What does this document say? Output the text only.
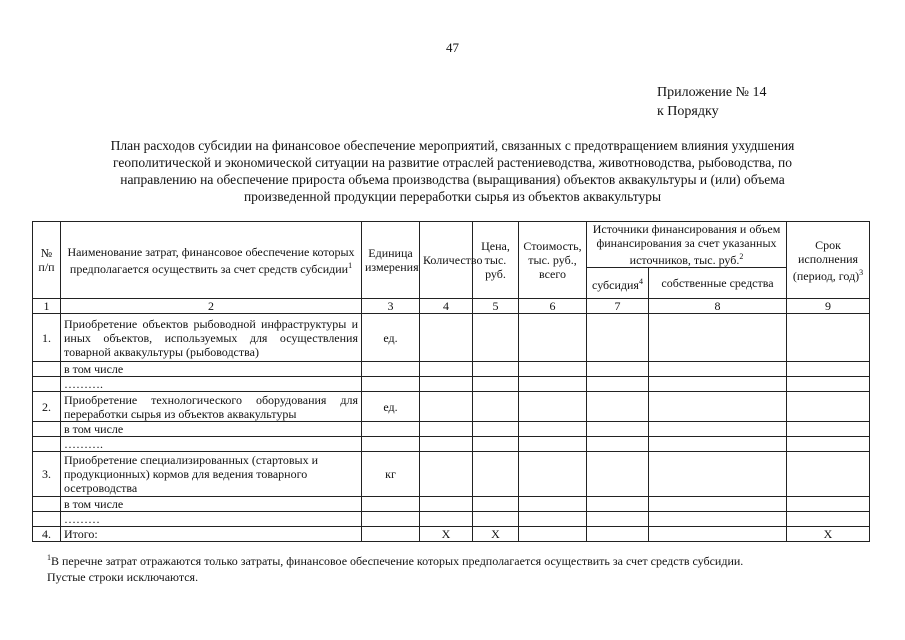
47
Приложение № 14
к Порядку
План расходов субсидии на финансовое обеспечение мероприятий, связанных с предотвращением влияния ухудшения
геополитической и экономической ситуации на развитие отраслей растениеводства, животноводства, рыбоводства, по
направлению на обеспечение прироста объема производства (выращивания) объектов аквакультуры и (или) объема
произведенной продукции переработки сырья из объектов аквакультуры
№ п/п	Наименование затрат, финансовое обеспечение которых предполагается осуществить за счет средств субсидии$^1$	Единица измерения	Количество	Цена, тыс. руб.	Стоимость, тыс. руб., всего	Источники финансирования и объем финансирования за счет указанных источников, тыс. руб.$^2$		Срок исполнения (период, год)$^3$
						субсидия$^4$	собственные средства	
1	2	3	4	5	6	7	8	9
1.	Приобретение объектов рыбоводной инфраструктуры и иных объектов, используемых для осуществления товарной аквакультуры (рыбоводства)	ед.						
	в том числе							
	……….							
2.	Приобретение технологического оборудования для переработки сырья из объектов аквакультуры	ед.						
	в том числе							
	……….							
3.	Приобретение специализированных (стартовых и продукционных) кормов для ведения товарного осетроводства	кг						
	в том числе							
	………							
4.	Итого:		Х	Х				Х
$^1$В перечне затрат отражаются только затраты, финансовое обеспечение которых предполагается осуществить за счет средств субсидии.
Пустые строки исключаются.
